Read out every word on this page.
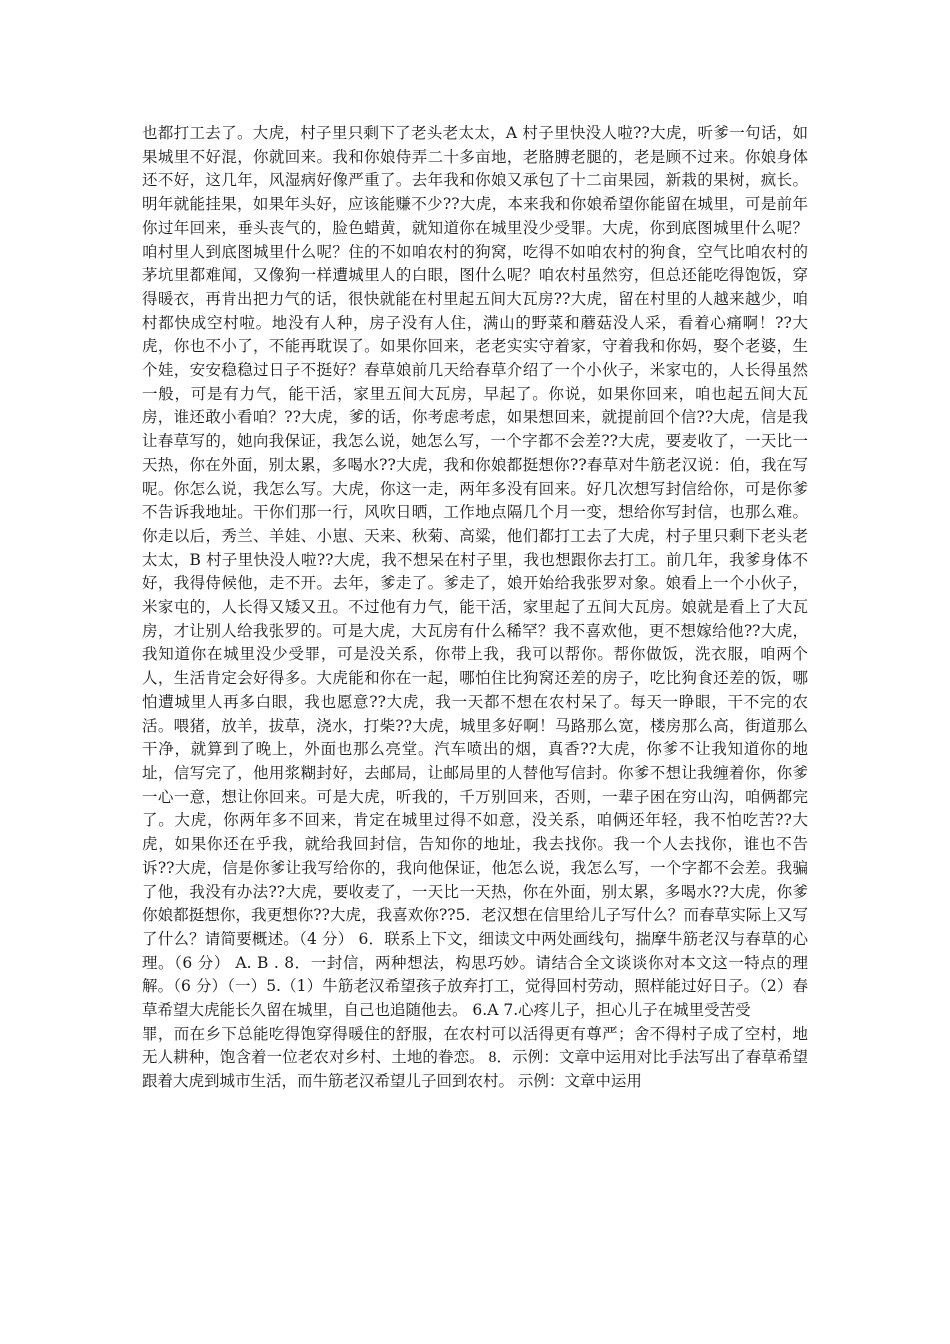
也都打工去了。大虎，村子里只剩下了老头老太太，A 村子里快没人啦??大虎，听爹一句话，如果城里不好混，你就回来。我和你娘侍弄二十多亩地，老胳膊老腿的，老是顾不过来。你娘身体还不好，这几年，风湿病好像严重了。去年我和你娘又承包了十二亩果园，新栽的果树，疯长。明年就能挂果，如果年头好，应该能赚不少??大虎，本来我和你娘希望你能留在城里，可是前年你过年回来，垂头丧气的，脸色蜡黄，就知道你在城里没少受罪。大虎，你到底图城里什么呢？咱村里人到底图城里什么呢？住的不如咱农村的狗窝，吃得不如咱农村的狗食，空气比咱农村的茅坑里都难闻，又像狗一样遭城里人的白眼，图什么呢？咱农村虽然穷，但总还能吃得饱饭，穿得暖衣，再肯出把力气的话，很快就能在村里起五间大瓦房??大虎，留在村里的人越来越少，咱村都快成空村啦。地没有人种，房子没有人住，满山的野菜和蘑菇没人采，看着心痛啊！??大虎，你也不小了，不能再耽误了。如果你回来，老老实实守着家，守着我和你妈，娶个老婆，生个娃，安安稳稳过日子不挺好？春草娘前几天给春草介绍了一个小伙子，米家屯的，人长得虽然一般，可是有力气，能干活，家里五间大瓦房，早起了。你说，如果你回来，咱也起五间大瓦房，谁还敢小看咱？??大虎，爹的话，你考虑考虑，如果想回来，就提前回个信??大虎，信是我让春草写的，她向我保证，我怎么说，她怎么写，一个字都不会差??大虎，要麦收了，一天比一天热，你在外面，别太累，多喝水??大虎，我和你娘都挺想你??春草对牛筋老汉说：伯，我在写呢。你怎么说，我怎么写。大虎，你这一走，两年多没有回来。好几次想写封信给你，可是你爹不告诉我地址。干你们那一行，风吹日晒，工作地点隔几个月一变，想给你写封信，也那么难。你走以后，秀兰、羊娃、小崽、天来、秋菊、高粱，他们都打工去了大虎，村子里只剩下老头老太太，B 村子里快没人啦??大虎，我不想呆在村子里，我也想跟你去打工。前几年，我爹身体不好，我得侍候他，走不开。去年，爹走了。爹走了，娘开始给我张罗对象。娘看上一个小伙子，米家屯的，人长得又矮又丑。不过他有力气，能干活，家里起了五间大瓦房。娘就是看上了大瓦房，才让别人给我张罗的。可是大虎，大瓦房有什么稀罕？我不喜欢他，更不想嫁给他??大虎，我知道你在城里没少受罪，可是没关系，你带上我，我可以帮你。帮你做饭，洗衣服，咱两个人，生活肯定会好得多。大虎能和你在一起，哪怕住比狗窝还差的房子，吃比狗食还差的饭，哪怕遭城里人再多白眼，我也愿意??大虎，我一天都不想在农村呆了。每天一睁眼，干不完的农活。喂猪，放羊，拔草，浇水，打柴??大虎，城里多好啊！马路那么宽，楼房那么高，街道那么干净，就算到了晚上，外面也那么亮堂。汽车喷出的烟，真香??大虎，你爹不让我知道你的地址，信写完了，他用浆糊封好，去邮局，让邮局里的人替他写信封。你爹不想让我缠着你，你爹一心一意，想让你回来。可是大虎，听我的，千万别回来，否则，一辈子困在穷山沟，咱俩都完了。大虎，你两年多不回来，肯定在城里过得不如意，没关系，咱俩还年轻，我不怕吃苦??大虎，如果你还在乎我，就给我回封信，告知你的地址，我去找你。我一个人去找你，谁也不告诉??大虎，信是你爹让我写给你的，我向他保证，他怎么说，我怎么写，一个字都不会差。我骗了他，我没有办法??大虎，要收麦了，一天比一天热，你在外面，别太累，多喝水??大虎，你爹你娘都挺想你，我更想你??大虎，我喜欢你??5．老汉想在信里给儿子写什么？而春草实际上又写了什么？请简要概述。（4 分） 6．联系上下文，细读文中两处画线句，揣摩牛筋老汉与春草的心理。（6 分） A. B . 8．一封信，两种想法，构思巧妙。请结合全文谈谈你对本文这一特点的理解。（6 分）（一）5.（1）牛筋老汉希望孩子放弃打工，觉得回村劳动，照样能过好日子。（2）春草希望大虎能长久留在城里，自己也追随他去。 6.A 7.心疼儿子，担心儿子在城里受苦受

罪，而在乡下总能吃得饱穿得暖住的舒服，在农村可以活得更有尊严；舍不得村子成了空村，地无人耕种，饱含着一位老农对乡村、土地的眷恋。 8．示例：文章中运用对比手法写出了春草希望跟着大虎到城市生活，而牛筋老汉希望儿子回到农村。 示例：文章中运用
